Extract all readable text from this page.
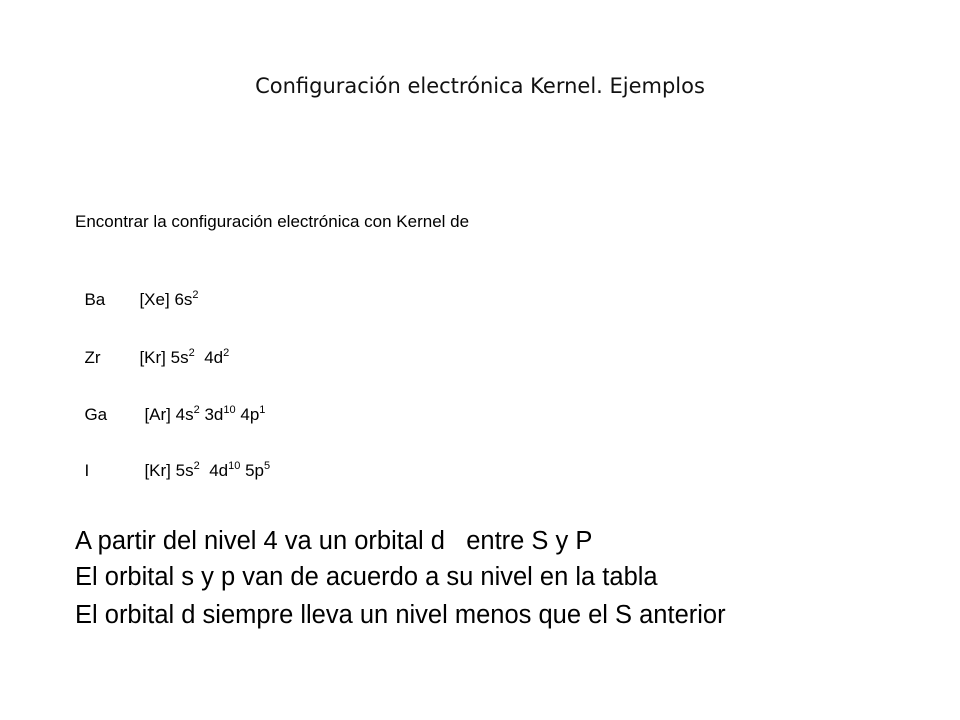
Configuración electrónica Kernel. Ejemplos
Encontrar la configuración electrónica con Kernel de

Ba [Xe] $6s^2$

Zr [Kr] $5s^2$ $4d^2$

Ga [Ar] $4s^2$ $3d^{10}$ $4p^1$

I	[Kr] $5s^2$ $4d^{10}$ $5p^5$

A partir del nivel 4 va un orbital d   entre S y P
El orbital s y p van de acuerdo a su nivel en la tabla
El orbital d siempre lleva un nivel menos que el S anterior
